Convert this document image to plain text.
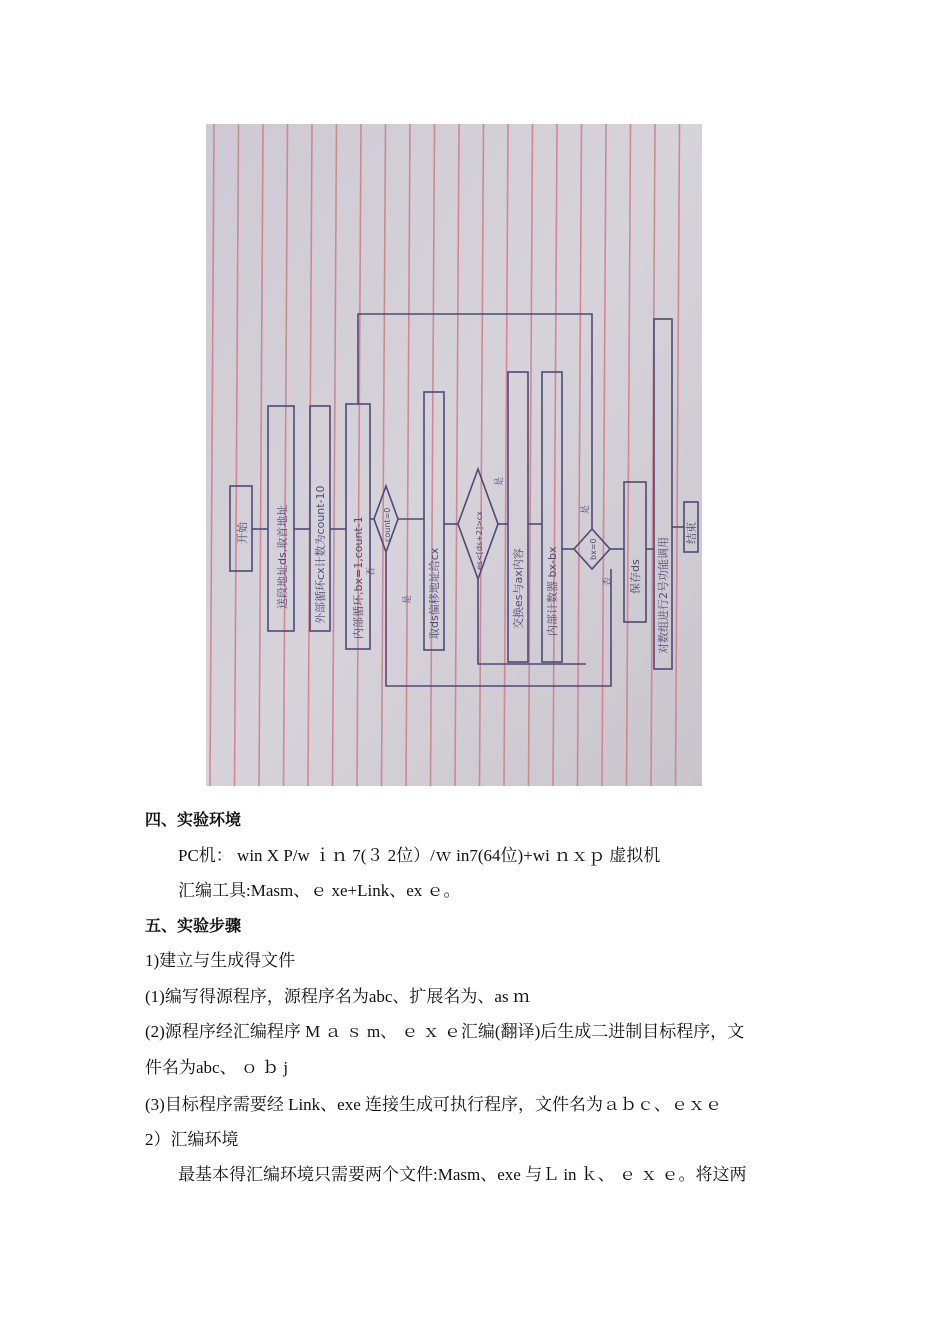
开始 送段地址ds,取首地址 外部循环cx计数为count-10 内部循环,bx=1,count-1 count=0
是
否	取ds偏移地址给cx
es<[ds+2]>cx
是
交换es与ax内容 内部计数器 bx-bx	bx=0
是
否 保存ds 对数组进行2号功能调用
结束
四、实验环境
PC机： win X P/w ｉｎ 7(３ 2位）/ｗ in7(64位)+wi ｎｘｐ 虚拟机
汇编工具:Masm、ｅ xe+Link、ex ｅ。
五、实验步骤
1)建立与生成得文件
(1)编写得源程序，源程序名为abc、扩展名为、as ｍ
(2)源程序经汇编程序 M ａ ｓ m、 ｅ ｘ ｅ汇编(翻译)后生成二进制目标程序，文
件名为abc、 ｏ ｂ j
(3)目标程序需要经 Link、exe 连接生成可执行程序，文件名为ａｂｃ、ｅｘｅ
2）汇编环境
最基本得汇编环境只需要两个文件:Masm、exe 与Ｌ in ｋ、 ｅ ｘ ｅ。将这两
